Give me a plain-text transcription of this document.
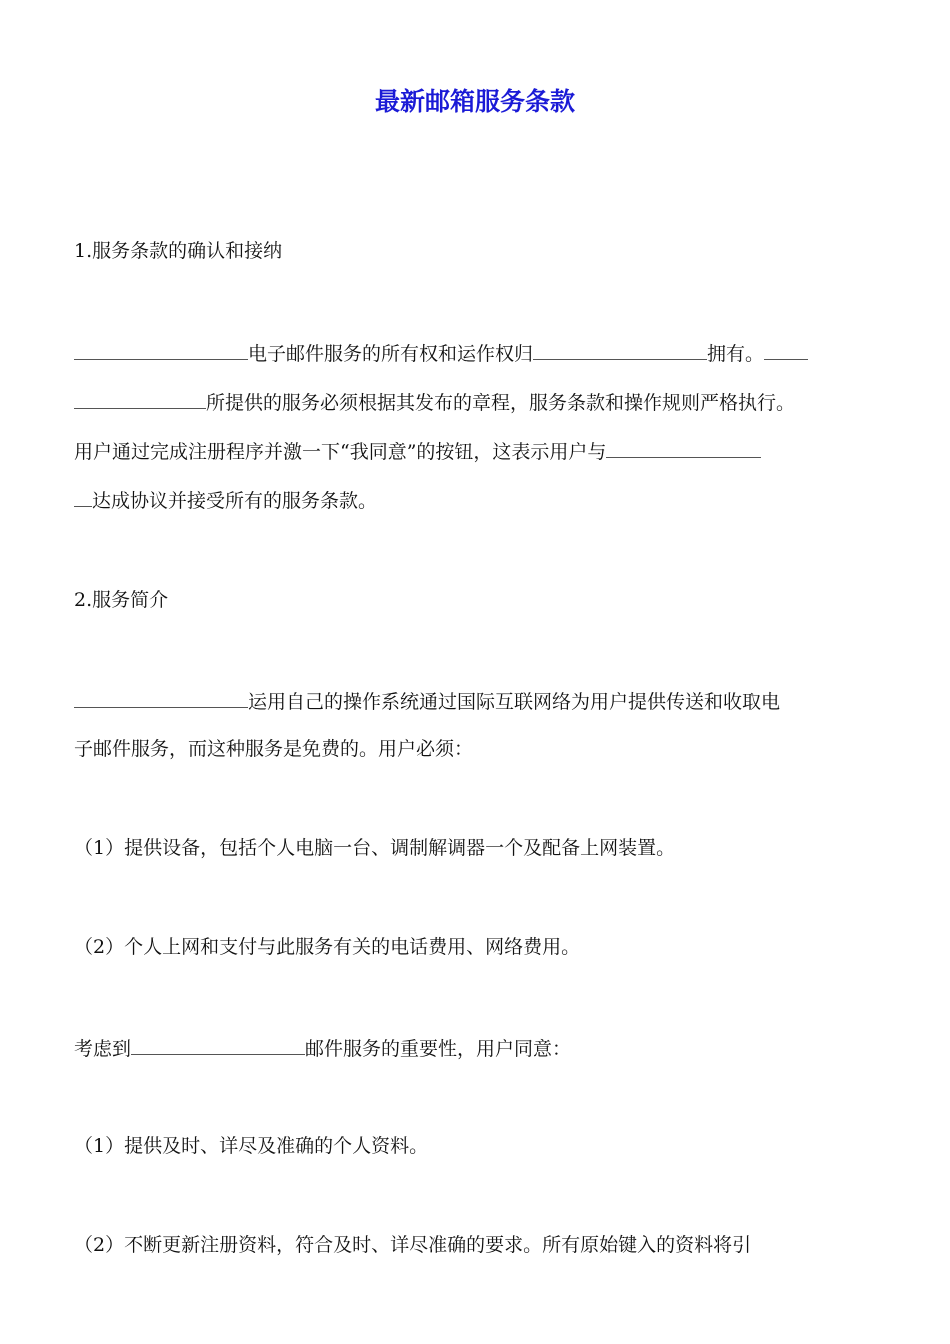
最新邮箱服务条款
1.服务条款的确认和接纳
电子邮件服务的所有权和运作权归	拥有。
所提供的服务必须根据其发布的章程，服务条款和操作规则严格执行。
用户通过完成注册程序并激一下“我同意”的按钮，这表示用户与
达成协议并接受所有的服务条款。
2.服务简介
运用自己的操作系统通过国际互联网络为用户提供传送和收取电
子邮件服务，而这种服务是免费的。用户必须：
（1）提供设备，包括个人电脑一台、调制解调器一个及配备上网装置。
（2）个人上网和支付与此服务有关的电话费用、网络费用。
考虑到	邮件服务的重要性，用户同意：
（1）提供及时、详尽及准确的个人资料。
（2）不断更新注册资料，符合及时、详尽准确的要求。所有原始键入的资料将引
